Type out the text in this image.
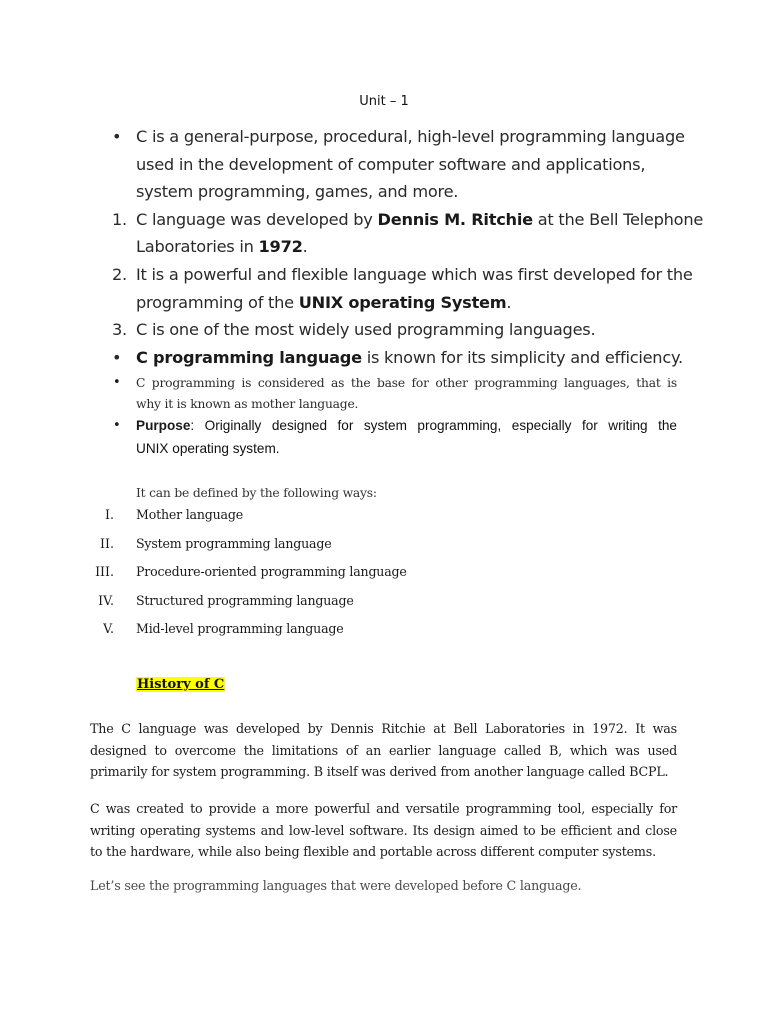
Unit – 1
• C is a general-purpose, procedural, high-level programming language
used in the development of computer software and applications,
system programming, games, and more.
1. C language was developed by Dennis M. Ritchie at the Bell Telephone
Laboratories in 1972.
2. It is a powerful and flexible language which was first developed for the
programming of the UNIX operating System.
3. C is one of the most widely used programming languages.
• C programming language is known for its simplicity and efficiency.
• C programming is considered as the base for other programming languages, that is
why it is known as mother language.
• Purpose: Originally designed for system programming, especially for writing the
UNIX operating system.
It can be defined by the following ways:
I. Mother language
II. System programming language
III. Procedure-oriented programming language
IV. Structured programming language
V. Mid-level programming language
History of C
The C language was developed by Dennis Ritchie at Bell Laboratories in 1972. It was designed to overcome the limitations of an earlier language called B, which was used primarily for system programming. B itself was derived from another language called BCPL.
C was created to provide a more powerful and versatile programming tool, especially for writing operating systems and low-level software. Its design aimed to be efficient and close to the hardware, while also being flexible and portable across different computer systems.
Let’s see the programming languages that were developed before C language.
